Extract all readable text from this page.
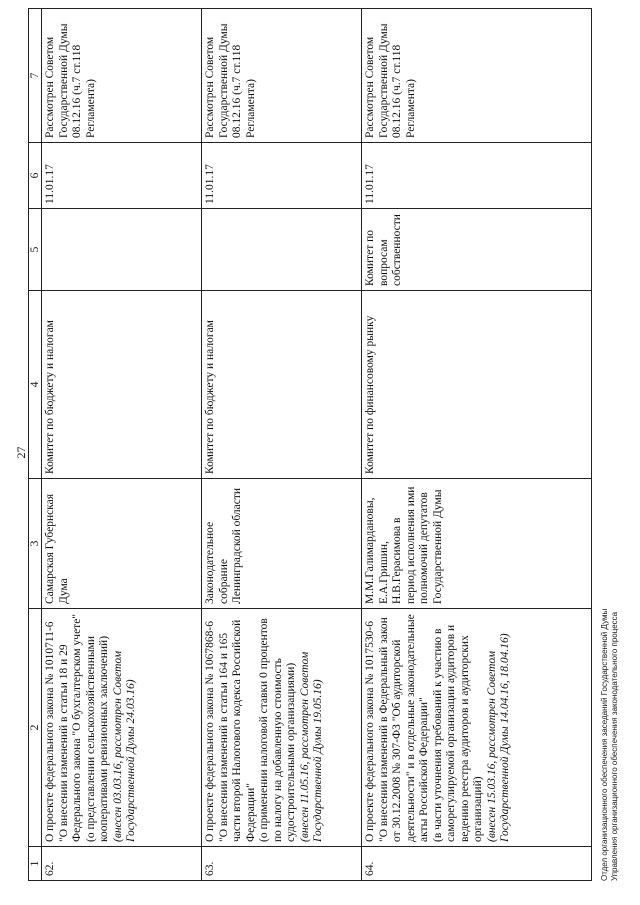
27
1	2	3	4	5	6	7
62.	О проекте федерального закона № 1010711-6 "О внесении изменений в статьи 18 и 29 Федерального закона "О бухгалтерском учете" (о представлении сельскохозяйственными кооперативами ревизионных заключений) (внесен 03.03.16, рассмотрен Советом Государственной Думы 24.03.16)	Самарская Губернская Дума	Комитет по бюджету и налогам		11.01.17	Рассмотрен Советом Государственной Думы 08.12.16 (ч.7 ст.118 Регламента)
63.	О проекте федерального закона № 1067868-6 "О внесении изменений в статьи 164 и 165 части второй Налогового кодекса Российской Федерации" (о применении налоговой ставки 0 процентов по налогу на добавленную стоимость судостроительными организациями) (внесен 11.05.16, рассмотрен Советом Государственной Думы 19.05.16)	Законодательное собрание Ленинградской области	Комитет по бюджету и налогам		11.01.17	Рассмотрен Советом Государственной Думы 08.12.16 (ч.7 ст.118 Регламента)
64.	О проекте федерального закона № 1017530-6 "О внесении изменений в Федеральный закон от 30.12.2008 № 307-ФЗ "Об аудиторской деятельности" и в отдельные законодательные акты Российской Федерации" (в части уточнения требований к участию в саморегулируемой организации аудиторов и ведению реестра аудиторов и аудиторских организаций) (внесен 15.03.16, рассмотрен Советом Государственной Думы 14.04.16, 18.04.16)	М.М.Галимардановы, Е.А.Гришин, Н.В.Герасимова в период исполнения ими полномочий депутатов Государственной Думы	Комитет по финансовому рынку	Комитет по вопросам собственности	11.01.17	Рассмотрен Советом Государственной Думы 08.12.16 (ч.7 ст.118 Регламента)
Отдел организационного обеспечения заседаний Государственной Думы Управления организационного обеспечения законодательного процесса
